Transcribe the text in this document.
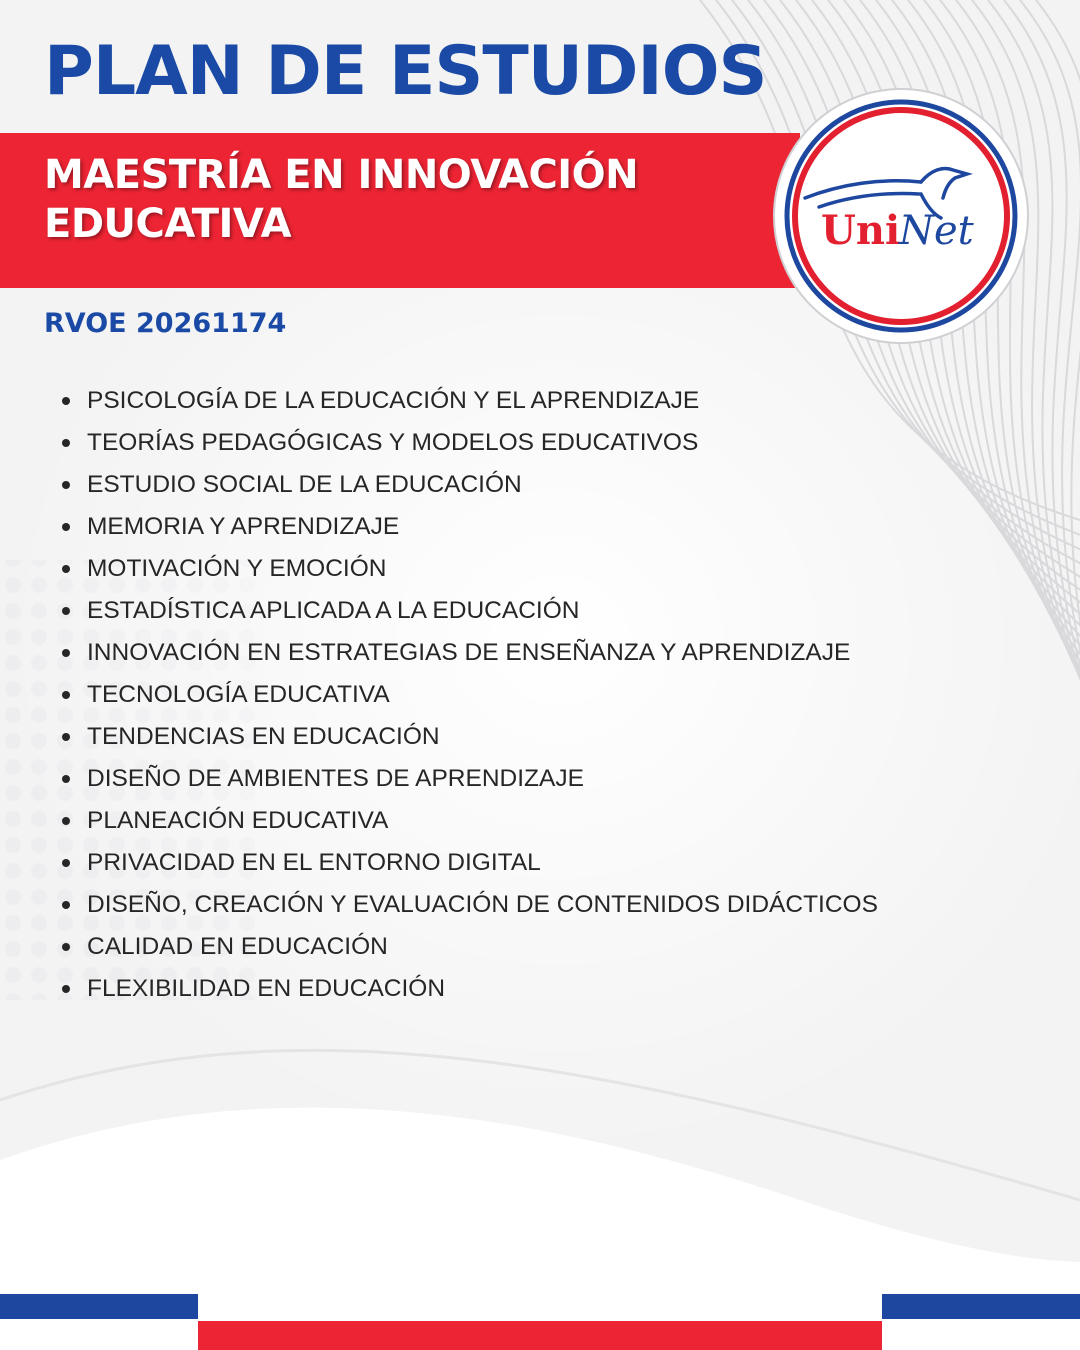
PLAN DE ESTUDIOS
MAESTRÍA EN INNOVACIÓN EDUCATIVA	Uni
Net

RVOE 20261174

PSICOLOGÍA DE LA EDUCACIÓN Y EL APRENDIZAJE
TEORÍAS PEDAGÓGICAS Y MODELOS EDUCATIVOS
ESTUDIO SOCIAL DE LA EDUCACIÓN
MEMORIA Y APRENDIZAJE
MOTIVACIÓN Y EMOCIÓN
ESTADÍSTICA APLICADA A LA EDUCACIÓN
INNOVACIÓN EN ESTRATEGIAS DE ENSEÑANZA Y APRENDIZAJE
TECNOLOGÍA EDUCATIVA
TENDENCIAS EN EDUCACIÓN
DISEÑO DE AMBIENTES DE APRENDIZAJE
PLANEACIÓN EDUCATIVA
PRIVACIDAD EN EL ENTORNO DIGITAL
DISEÑO, CREACIÓN Y EVALUACIÓN DE CONTENIDOS DIDÁCTICOS
CALIDAD EN EDUCACIÓN
FLEXIBILIDAD EN EDUCACIÓN
